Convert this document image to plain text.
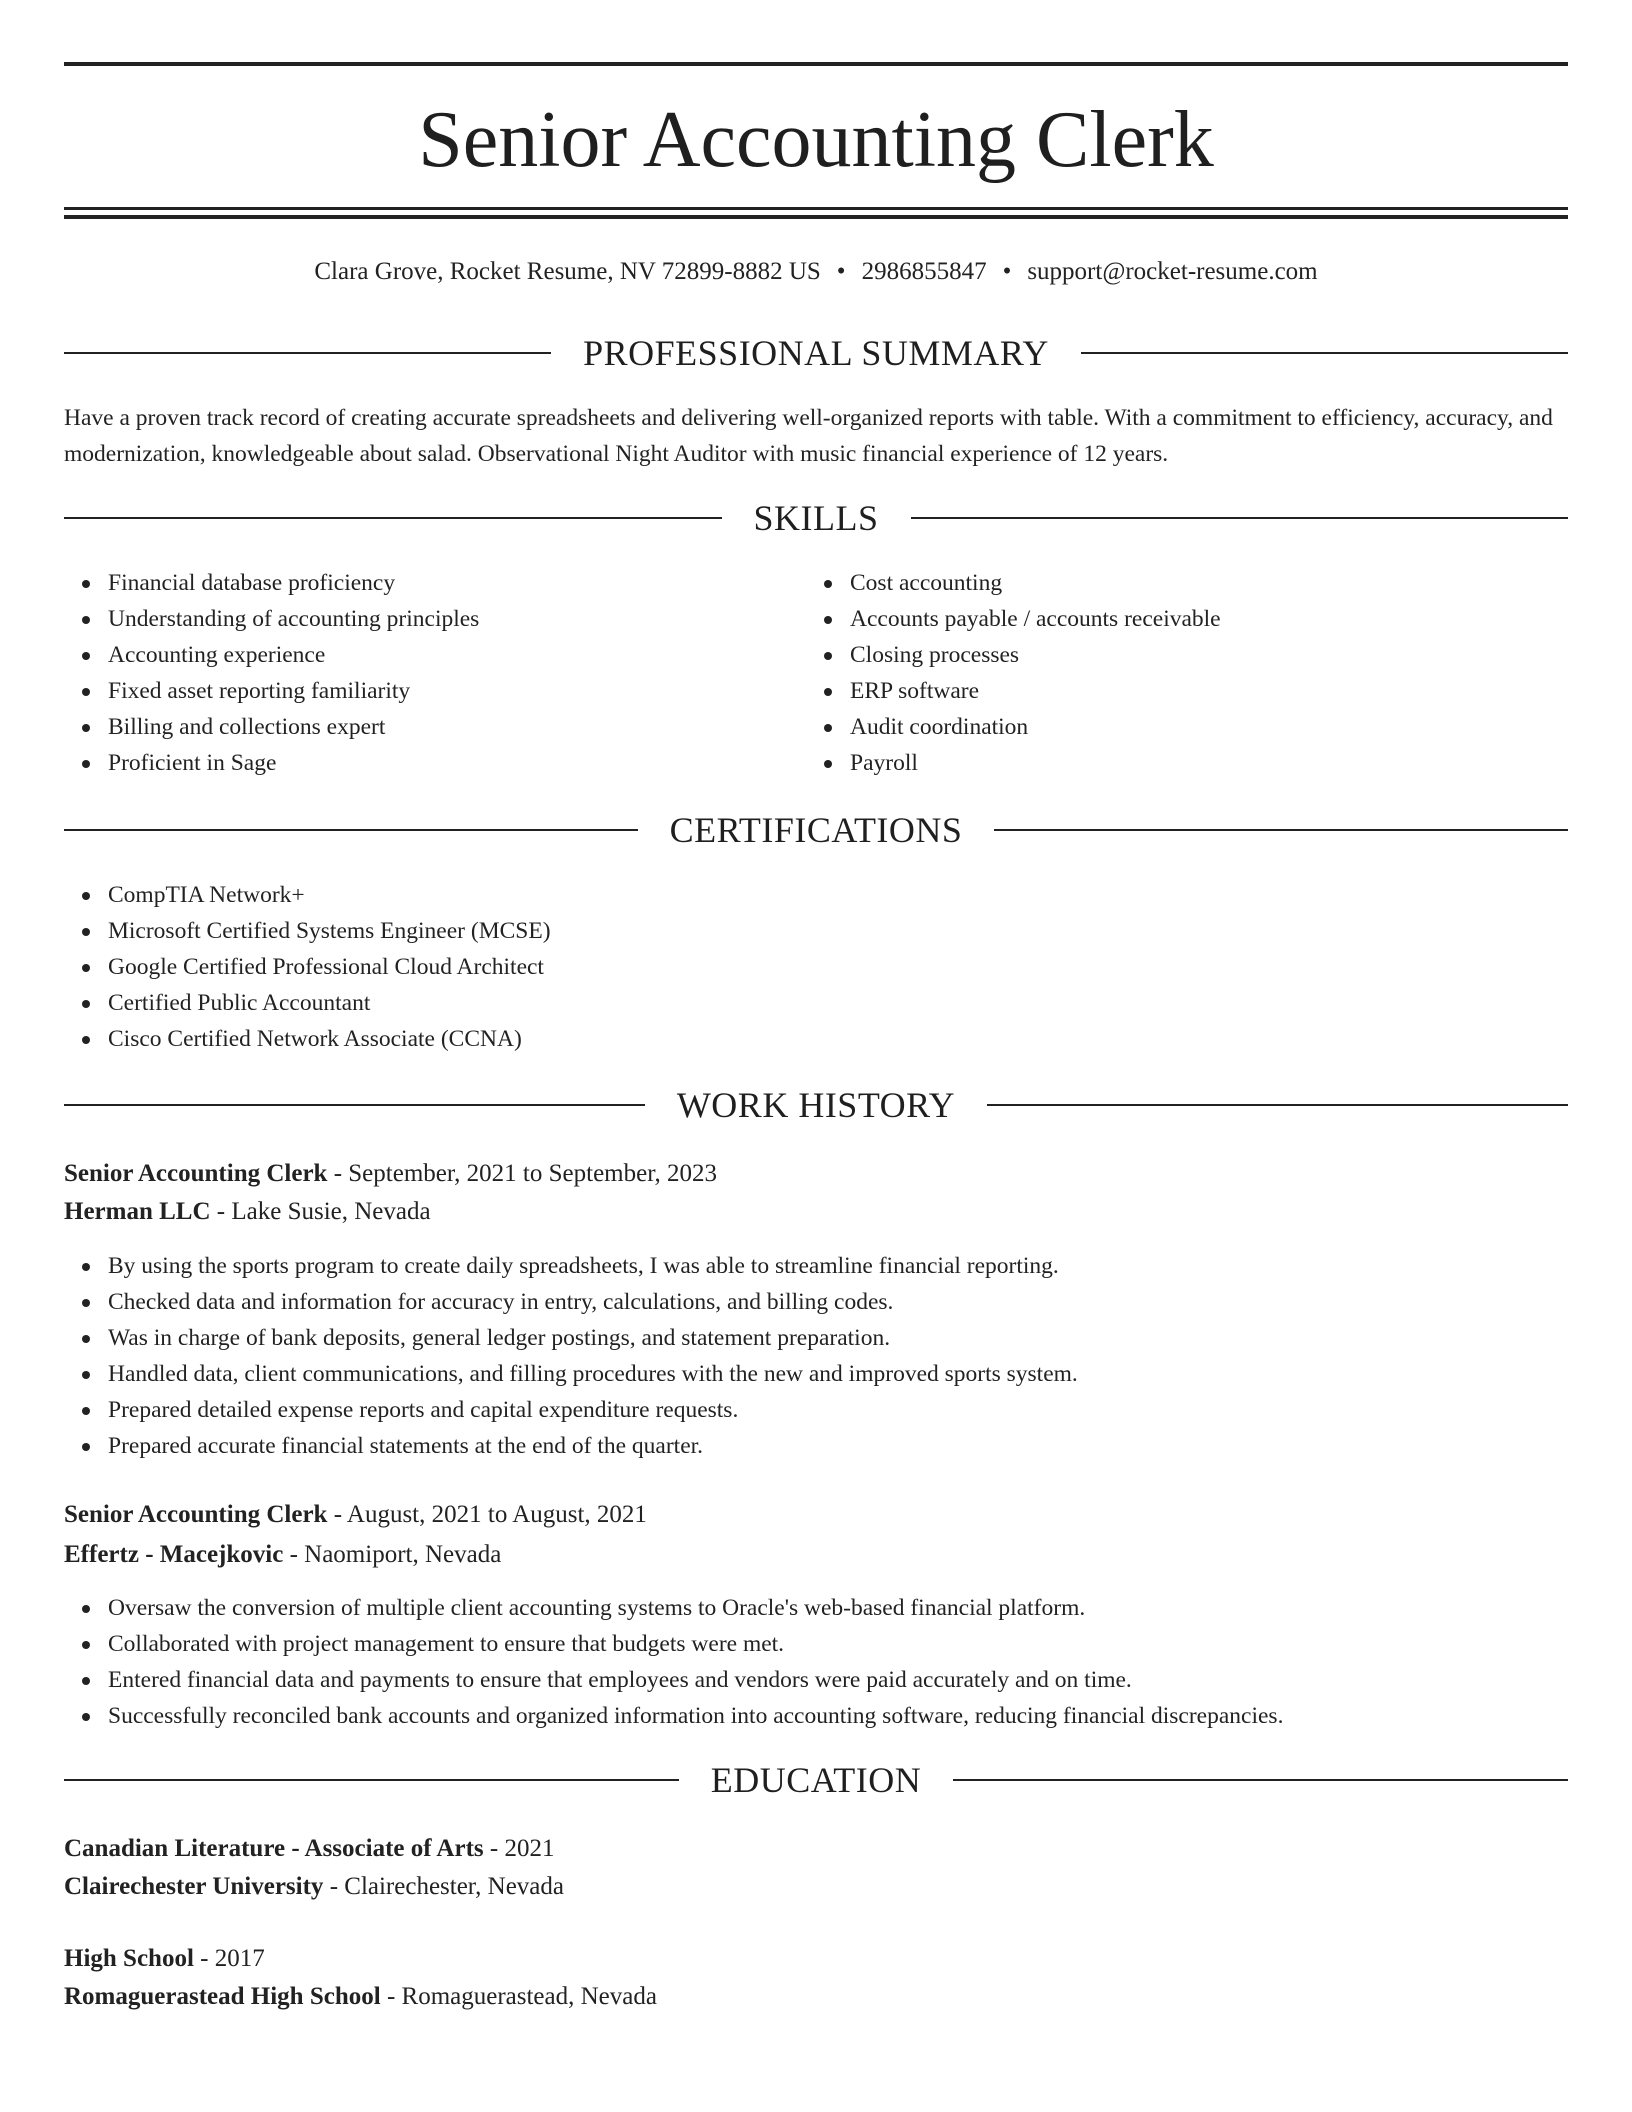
Senior Accounting Clerk
Clara Grove, Rocket Resume, NV 72899-8882 US • 2986855847 • support@rocket-resume.com
PROFESSIONAL SUMMARY
Have a proven track record of creating accurate spreadsheets and delivering well-organized reports with table. With a commitment to efficiency, accuracy, and modernization, knowledgeable about salad. Observational Night Auditor with music financial experience of 12 years.
SKILLS
Financial database proficiency
Understanding of accounting principles
Accounting experience
Fixed asset reporting familiarity
Billing and collections expert
Proficient in Sage
Cost accounting
Accounts payable / accounts receivable
Closing processes
ERP software
Audit coordination
Payroll
CERTIFICATIONS
CompTIA Network+
Microsoft Certified Systems Engineer (MCSE)
Google Certified Professional Cloud Architect
Certified Public Accountant
Cisco Certified Network Associate (CCNA)
WORK HISTORY
Senior Accounting Clerk - September, 2021 to September, 2023
Herman LLC - Lake Susie, Nevada
By using the sports program to create daily spreadsheets, I was able to streamline financial reporting.
Checked data and information for accuracy in entry, calculations, and billing codes.
Was in charge of bank deposits, general ledger postings, and statement preparation.
Handled data, client communications, and filling procedures with the new and improved sports system.
Prepared detailed expense reports and capital expenditure requests.
Prepared accurate financial statements at the end of the quarter.
Senior Accounting Clerk - August, 2021 to August, 2021
Effertz - Macejkovic - Naomiport, Nevada
Oversaw the conversion of multiple client accounting systems to Oracle's web-based financial platform.
Collaborated with project management to ensure that budgets were met.
Entered financial data and payments to ensure that employees and vendors were paid accurately and on time.
Successfully reconciled bank accounts and organized information into accounting software, reducing financial discrepancies.
EDUCATION
Canadian Literature - Associate of Arts - 2021
Clairechester University - Clairechester, Nevada
High School - 2017
Romaguerastead High School - Romaguerastead, Nevada
